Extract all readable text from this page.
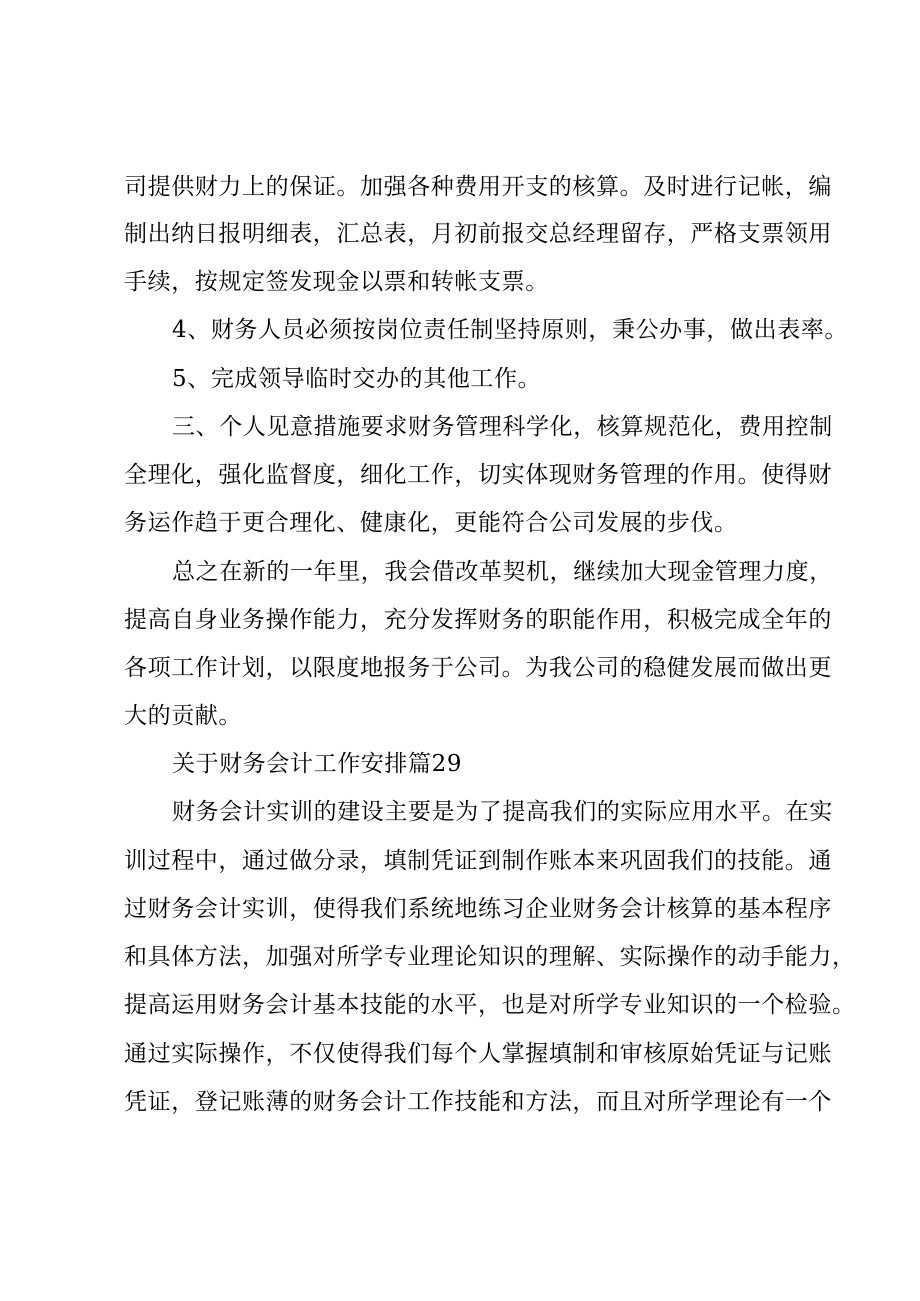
司提供财力上的保证。加强各种费用开支的核算。及时进行记帐，编
制出纳日报明细表，汇总表，月初前报交总经理留存，严格支票领用
手续，按规定签发现金以票和转帐支票。
4、财务人员必须按岗位责任制坚持原则，秉公办事，做出表率。
5、完成领导临时交办的其他工作。
三、个人见意措施要求财务管理科学化，核算规范化，费用控制
全理化，强化监督度，细化工作，切实体现财务管理的作用。使得财
务运作趋于更合理化、健康化，更能符合公司发展的步伐。
总之在新的一年里，我会借改革契机，继续加大现金管理力度，
提高自身业务操作能力，充分发挥财务的职能作用，积极完成全年的
各项工作计划，以限度地报务于公司。为我公司的稳健发展而做出更
大的贡献。
关于财务会计工作安排篇29
财务会计实训的建设主要是为了提高我们的实际应用水平。在实
训过程中，通过做分录，填制凭证到制作账本来巩固我们的技能。通
过财务会计实训，使得我们系统地练习企业财务会计核算的基本程序
和具体方法，加强对所学专业理论知识的理解、实际操作的动手能力，
提高运用财务会计基本技能的水平，也是对所学专业知识的一个检验。
通过实际操作，不仅使得我们每个人掌握填制和审核原始凭证与记账
凭证，登记账薄的财务会计工作技能和方法，而且对所学理论有一个
